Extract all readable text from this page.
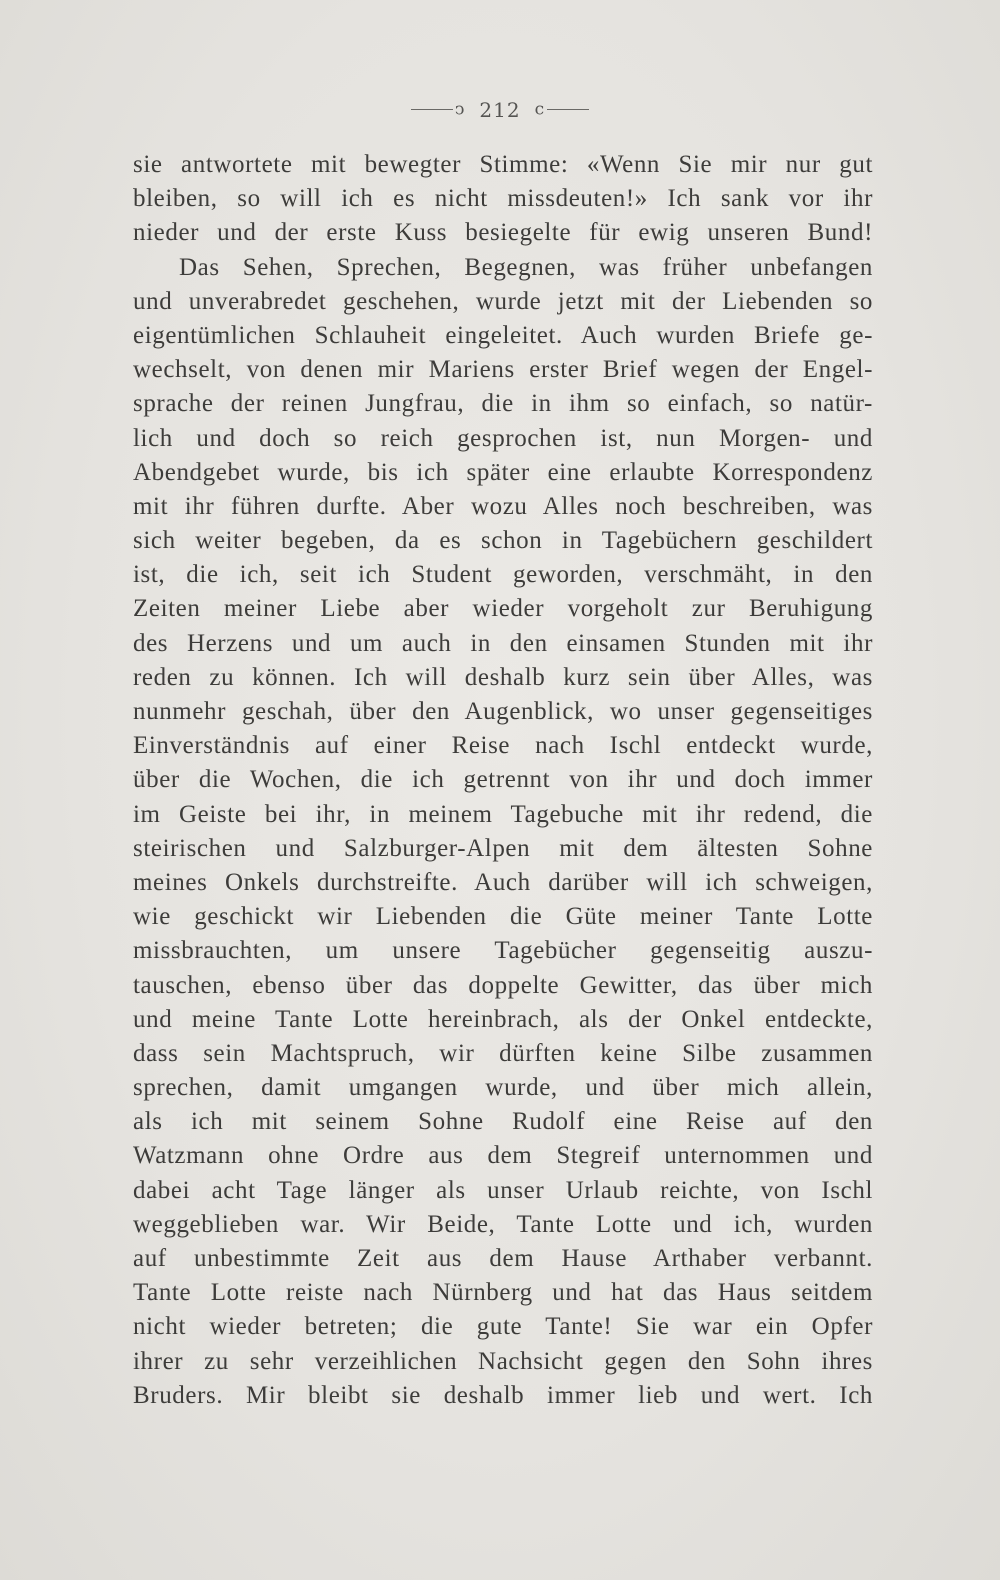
ↄ 212 c
sie antwortete mit bewegter Stimme: «Wenn Sie mir nur gut
bleiben, so will ich es nicht missdeuten!» Ich sank vor ihr
nieder und der erste Kuss besiegelte für ewig unseren Bund!
Das Sehen, Sprechen, Begegnen, was früher unbefangen
und unverabredet geschehen, wurde jetzt mit der Liebenden so
eigentümlichen Schlauheit eingeleitet. Auch wurden Briefe ge-
wechselt, von denen mir Mariens erster Brief wegen der Engel-
sprache der reinen Jungfrau, die in ihm so einfach, so natür-
lich und doch so reich gesprochen ist, nun Morgen- und
Abendgebet wurde, bis ich später eine erlaubte Korrespondenz
mit ihr führen durfte. Aber wozu Alles noch beschreiben, was
sich weiter begeben, da es schon in Tagebüchern geschildert
ist, die ich, seit ich Student geworden, verschmäht, in den
Zeiten meiner Liebe aber wieder vorgeholt zur Beruhigung
des Herzens und um auch in den einsamen Stunden mit ihr
reden zu können. Ich will deshalb kurz sein über Alles, was
nunmehr geschah, über den Augenblick, wo unser gegenseitiges
Einverständnis auf einer Reise nach Ischl entdeckt wurde,
über die Wochen, die ich getrennt von ihr und doch immer
im Geiste bei ihr, in meinem Tagebuche mit ihr redend, die
steirischen und Salzburger-Alpen mit dem ältesten Sohne
meines Onkels durchstreifte. Auch darüber will ich schweigen,
wie geschickt wir Liebenden die Güte meiner Tante Lotte
missbrauchten, um unsere Tagebücher gegenseitig auszu-
tauschen, ebenso über das doppelte Gewitter, das über mich
und meine Tante Lotte hereinbrach, als der Onkel entdeckte,
dass sein Machtspruch, wir dürften keine Silbe zusammen
sprechen, damit umgangen wurde, und über mich allein,
als ich mit seinem Sohne Rudolf eine Reise auf den
Watzmann ohne Ordre aus dem Stegreif unternommen und
dabei acht Tage länger als unser Urlaub reichte, von Ischl
weggeblieben war. Wir Beide, Tante Lotte und ich, wurden
auf unbestimmte Zeit aus dem Hause Arthaber verbannt.
Tante Lotte reiste nach Nürnberg und hat das Haus seitdem
nicht wieder betreten; die gute Tante! Sie war ein Opfer
ihrer zu sehr verzeihlichen Nachsicht gegen den Sohn ihres
Bruders. Mir bleibt sie deshalb immer lieb und wert. Ich
